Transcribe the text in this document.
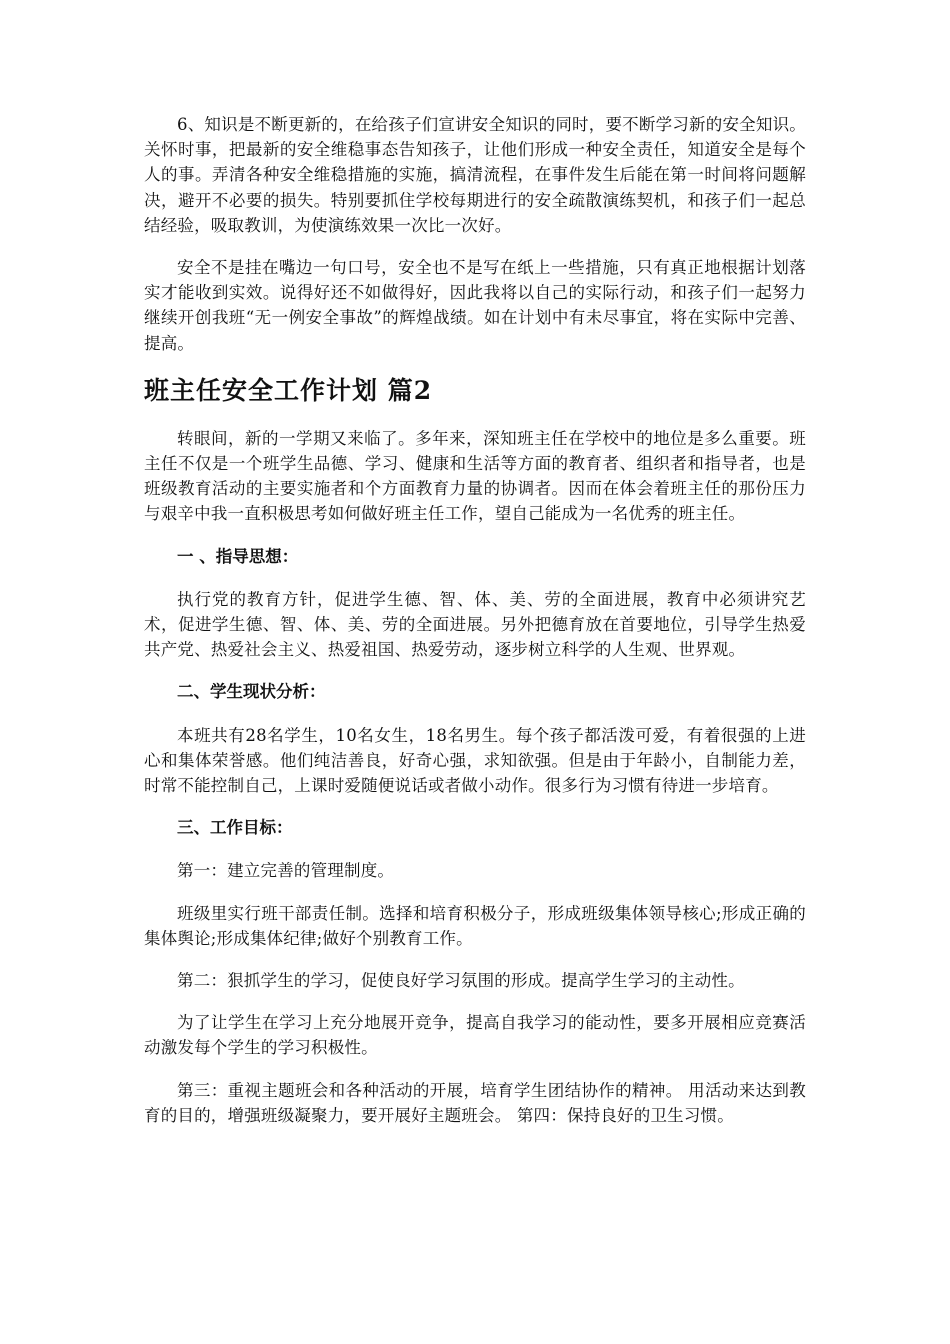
6、知识是不断更新的，在给孩子们宣讲安全知识的同时，要不断学习新的安全知识。关怀时事，把最新的安全维稳事态告知孩子，让他们形成一种安全责任，知道安全是每个人的事。弄清各种安全维稳措施的实施，搞清流程，在事件发生后能在第一时间将问题解决，避开不必要的损失。特别要抓住学校每期进行的安全疏散演练契机，和孩子们一起总结经验，吸取教训，为使演练效果一次比一次好。

安全不是挂在嘴边一句口号，安全也不是写在纸上一些措施，只有真正地根据计划落实才能收到实效。说得好还不如做得好，因此我将以自己的实际行动，和孩子们一起努力继续开创我班“无一例安全事故”的辉煌战绩。如在计划中有未尽事宜，将在实际中完善、提高。

班主任安全工作计划 篇2

转眼间，新的一学期又来临了。多年来，深知班主任在学校中的地位是多么重要。班主任不仅是一个班学生品德、学习、健康和生活等方面的教育者、组织者和指导者，也是班级教育活动的主要实施者和个方面教育力量的协调者。因而在体会着班主任的那份压力与艰辛中我一直积极思考如何做好班主任工作，望自己能成为一名优秀的班主任。

一 、指导思想：

执行党的教育方针，促进学生德、智、体、美、劳的全面进展，教育中必须讲究艺术，促进学生德、智、体、美、劳的全面进展。另外把德育放在首要地位，引导学生热爱共产党、热爱社会主义、热爱祖国、热爱劳动，逐步树立科学的人生观、世界观。

二、学生现状分析：

本班共有28名学生，10名女生，18名男生。每个孩子都活泼可爱，有着很强的上进心和集体荣誉感。他们纯洁善良，好奇心强，求知欲强。但是由于年龄小，自制能力差，时常不能控制自己，上课时爱随便说话或者做小动作。很多行为习惯有待进一步培育。

三、工作目标：

第一：建立完善的管理制度。

班级里实行班干部责任制。选择和培育积极分子，形成班级集体领导核心;形成正确的集体舆论;形成集体纪律;做好个别教育工作。

第二：狠抓学生的学习，促使良好学习氛围的形成。提高学生学习的主动性。

为了让学生在学习上充分地展开竞争，提高自我学习的能动性，要多开展相应竞赛活动激发每个学生的学习积极性。

第三：重视主题班会和各种活动的开展，培育学生团结协作的精神。 用活动来达到教育的目的，增强班级凝聚力，要开展好主题班会。 第四：保持良好的卫生习惯。
